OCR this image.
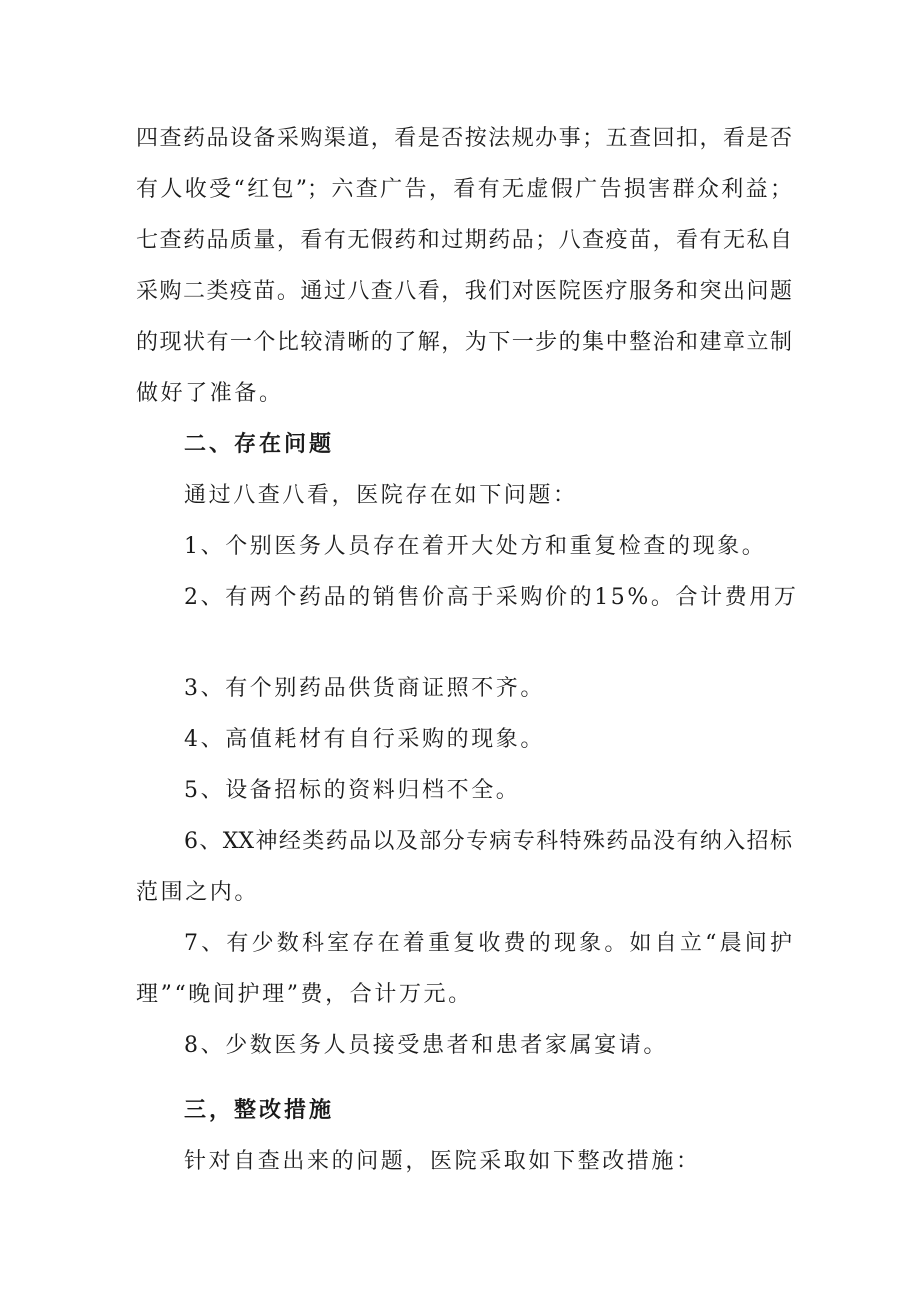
四查药品设备采购渠道，看是否按法规办事；五查回扣，看是否
有人收受“红包”；六查广告，看有无虚假广告损害群众利益；
七查药品质量，看有无假药和过期药品；八查疫苗，看有无私自
采购二类疫苗。通过八查八看，我们对医院医疗服务和突出问题
的现状有一个比较清晰的了解，为下一步的集中整治和建章立制
做好了准备。
二、存在问题
通过八查八看，医院存在如下问题：
1、个别医务人员存在着开大处方和重复检查的现象。
2、有两个药品的销售价高于采购价的15%。合计费用万
3、有个别药品供货商证照不齐。
4、高值耗材有自行采购的现象。
5、设备招标的资料归档不全。
6、XX神经类药品以及部分专病专科特殊药品没有纳入招标
范围之内。
7、有少数科室存在着重复收费的现象。如自立“晨间护
理”“晚间护理”费，合计万元。
8、少数医务人员接受患者和患者家属宴请。
三，整改措施
针对自查出来的问题，医院采取如下整改措施：
